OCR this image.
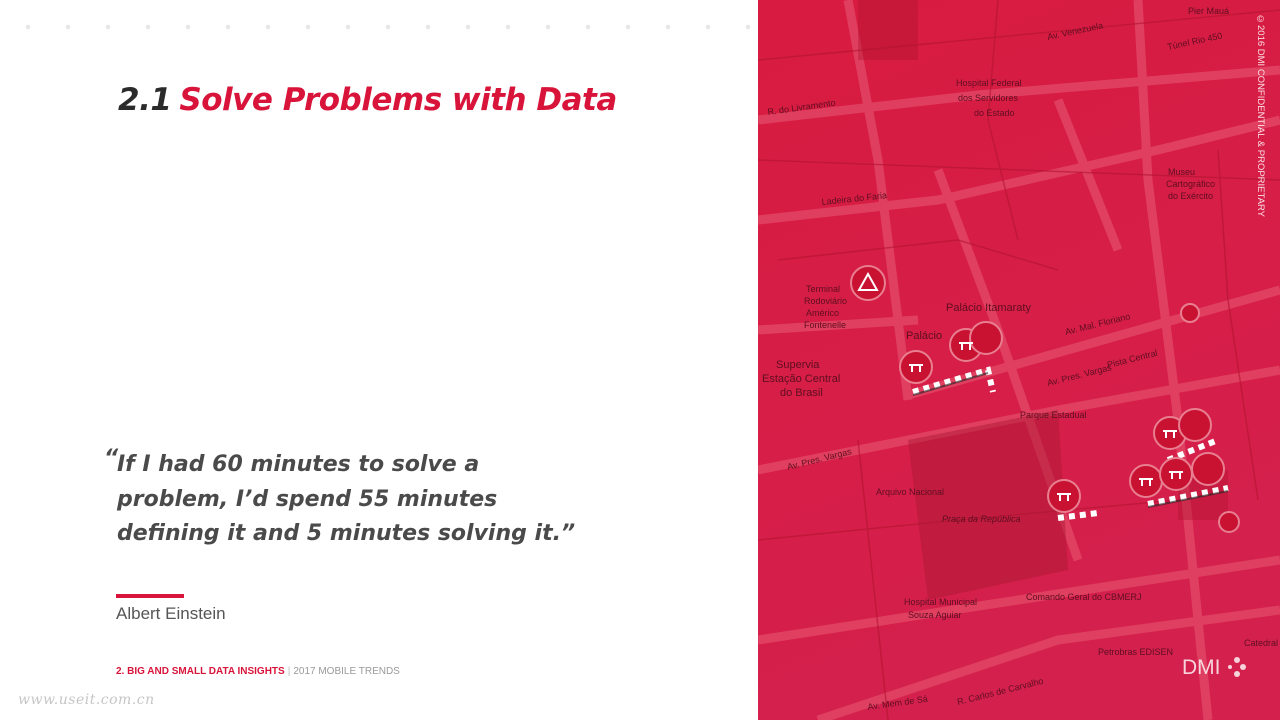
2.1 Solve Problems with Data
“
If I had 60 minutes to solve a problem, I’d spend 55 minutes defining it and 5 minutes solving it.”
Albert Einstein
2. BIG AND SMALL DATA INSIGHTS | 2017 MOBILE TRENDS
www.useit.com.cn
Hospital Federal
dos Servidores
do Estado
Av. Venezuela	Túnel Rio 450
Pier Mauá
R. do Livramento
Ladeira do Faria
Museu
Cartográfico
do Exército
Terminal
Rodoviário
Américo
Fontenelle
Palácio Itamaraty
Palácio
Supervia
Estação Central
do Brasil
Av. Pres. Vargas
Av. Pres. Vargas
Pista Central
Av. Mal. Floriano
Parque Estadual
Arquivo Nacional
Praça da República
Hospital Municipal
Souza Aguiar
Av. Mem de Sá	R. Carlos de Carvalho
Comando Geral do CBMERJ
Petrobras EDISEN
Catedral
©2016 DMI CONFIDENTIAL & PROPRIETARY
DMI
